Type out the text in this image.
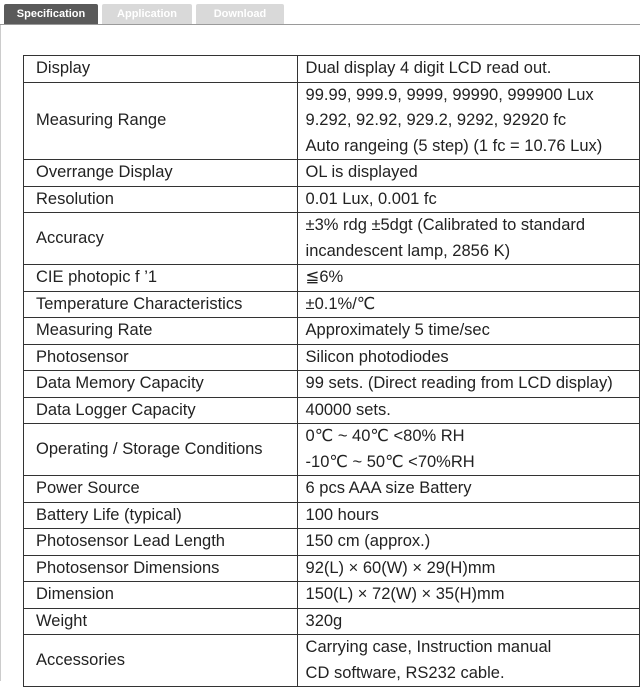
Specification	Application	Download
Display	Dual display 4 digit LCD read out.

Measuring Range	99.99, 999.9, 9999, 99990, 999900 Lux
9.292, 92.92, 929.2, 9292, 92920 fc
Auto rangeing (5 step) (1 fc = 10.76 Lux)

Overrange Display	OL is displayed

Resolution	0.01 Lux, 0.001 fc

Accuracy	±3% rdg ±5dgt (Calibrated to standard
incandescent lamp, 2856 K)

CIE photopic f ’1	≦6%

Temperature Characteristics	±0.1%/℃

Measuring Rate	Approximately 5 time/sec

Photosensor	Silicon photodiodes

Data Memory Capacity	99 sets. (Direct reading from LCD display)

Data Logger Capacity	40000 sets.

Operating / Storage Conditions	0℃ ~ 40℃ <80% RH
-10℃ ~ 50℃ <70%RH

Power Source	6 pcs AAA size Battery

Battery Life (typical)	100 hours

Photosensor Lead Length	150 cm (approx.)

Photosensor Dimensions	92(L) × 60(W) × 29(H)mm

Dimension	150(L) × 72(W) × 35(H)mm

Weight	320g

Accessories	Carrying case, Instruction manual
CD software, RS232 cable.
